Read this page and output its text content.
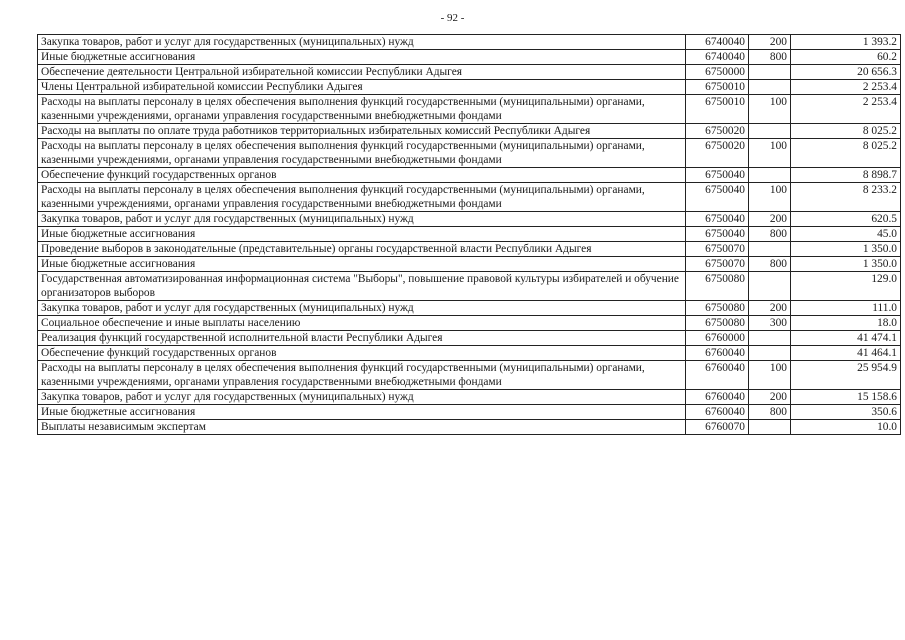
- 92 -
Закупка товаров, работ и услуг для государственных (муниципальных) нужд	6740040	200	1 393.2
Иные бюджетные ассигнования	6740040	800	60.2
Обеспечение деятельности Центральной избирательной комиссии Республики Адыгея	6750000		20 656.3
Члены Центральной избирательной комиссии Республики Адыгея	6750010		2 253.4
Расходы на выплаты персоналу в целях обеспечения выполнения функций государственными (муниципальными) органами, казенными учреждениями, органами управления государственными внебюджетными фондами	6750010	100	2 253.4
Расходы на выплаты по оплате труда работников территориальных избирательных комиссий Республики Адыгея	6750020		8 025.2
Расходы на выплаты персоналу в целях обеспечения выполнения функций государственными (муниципальными) органами, казенными учреждениями, органами управления государственными внебюджетными фондами	6750020	100	8 025.2
Обеспечение функций государственных органов	6750040		8 898.7
Расходы на выплаты персоналу в целях обеспечения выполнения функций государственными (муниципальными) органами, казенными учреждениями, органами управления государственными внебюджетными фондами	6750040	100	8 233.2
Закупка товаров, работ и услуг для государственных (муниципальных) нужд	6750040	200	620.5
Иные бюджетные ассигнования	6750040	800	45.0
Проведение выборов в законодательные (представительные) органы государственной власти Республики Адыгея	6750070		1 350.0
Иные бюджетные ассигнования	6750070	800	1 350.0
Государственная автоматизированная информационная система "Выборы", повышение правовой культуры избирателей и обучение организаторов выборов	6750080		129.0
Закупка товаров, работ и услуг для государственных (муниципальных) нужд	6750080	200	111.0
Социальное обеспечение и иные выплаты населению	6750080	300	18.0
Реализация функций государственной исполнительной власти Республики Адыгея	6760000		41 474.1
Обеспечение функций государственных органов	6760040		41 464.1
Расходы на выплаты персоналу в целях обеспечения выполнения функций государственными (муниципальными) органами, казенными учреждениями, органами управления государственными внебюджетными фондами	6760040	100	25 954.9
Закупка товаров, работ и услуг для государственных (муниципальных) нужд	6760040	200	15 158.6
Иные бюджетные ассигнования	6760040	800	350.6
Выплаты независимым экспертам	6760070		10.0
